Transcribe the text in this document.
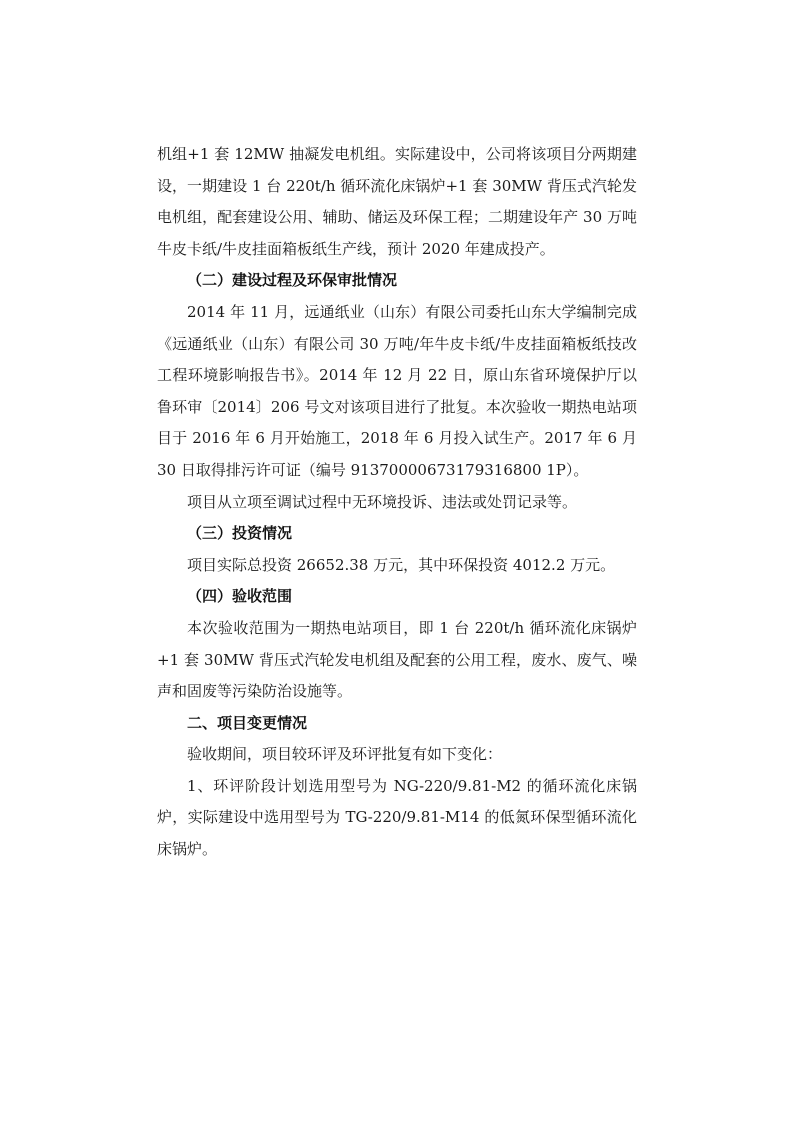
机组+1 套 12MW 抽凝发电机组。实际建设中，公司将该项目分两期建设，一期建设 1 台 220t/h 循环流化床锅炉+1 套 30MW 背压式汽轮发电机组，配套建设公用、辅助、储运及环保工程；二期建设年产 30 万吨牛皮卡纸/牛皮挂面箱板纸生产线，预计 2020 年建成投产。

（二）建设过程及环保审批情况

2014 年 11 月，远通纸业（山东）有限公司委托山东大学编制完成《远通纸业（山东）有限公司 30 万吨/年牛皮卡纸/牛皮挂面箱板纸技改工程环境影响报告书》。2014 年 12 月 22 日，原山东省环境保护厅以鲁环审〔2014〕206 号文对该项目进行了批复。本次验收一期热电站项目于 2016 年 6 月开始施工，2018 年 6 月投入试生产。2017 年 6 月 30 日取得排污许可证（编号 91370000673179316800 1P）。

项目从立项至调试过程中无环境投诉、违法或处罚记录等。

（三）投资情况

项目实际总投资 26652.38 万元，其中环保投资 4012.2 万元。

（四）验收范围

本次验收范围为一期热电站项目，即 1 台 220t/h 循环流化床锅炉+1 套 30MW 背压式汽轮发电机组及配套的公用工程，废水、废气、噪声和固废等污染防治设施等。

二、项目变更情况

验收期间，项目较环评及环评批复有如下变化：

1、环评阶段计划选用型号为 NG-220/9.81-M2 的循环流化床锅炉，实际建设中选用型号为 TG-220/9.81-M14 的低氮环保型循环流化床锅炉。
